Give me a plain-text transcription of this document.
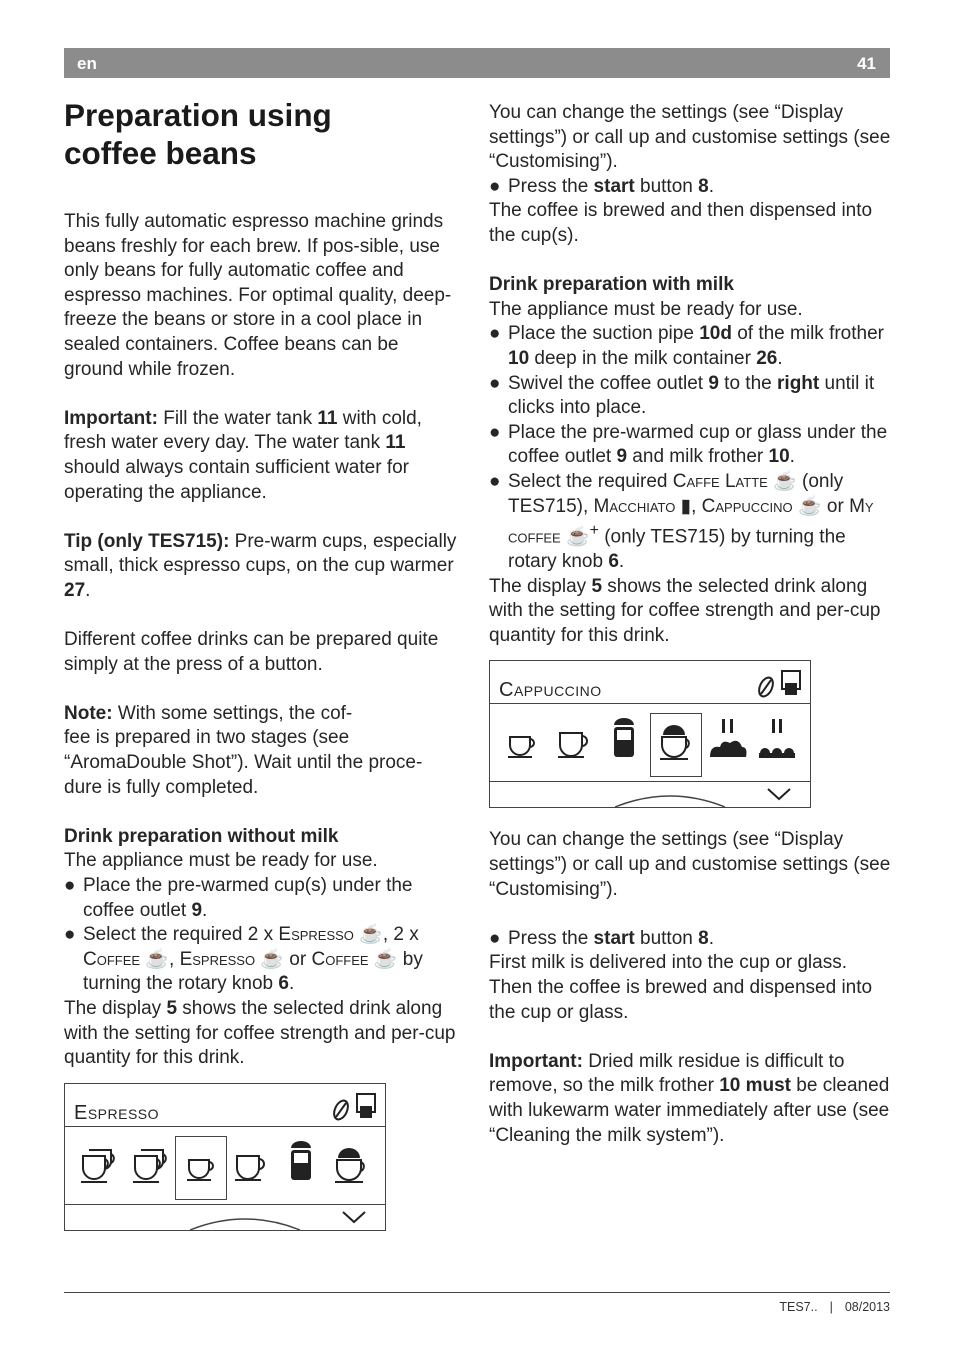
en	41
Preparation using
coffee beans

This fully automatic espresso machine grinds beans freshly for each brew. If pos-sible, use only beans for fully automatic coffee and espresso machines. For optimal quality, deep-freeze the beans or store in a cool place in sealed containers. Coffee beans can be ground while frozen.

Important: Fill the water tank 11 with cold, fresh water every day. The water tank 11 should always contain sufficient water for operating the appliance.

Tip (only TES715): Pre-warm cups, especially small, thick espresso cups, on the cup warmer 27.

Different coffee drinks can be prepared quite simply at the press of a button.

Note: With some settings, the cof-
fee is prepared in two stages (see “AromaDouble Shot”). Wait until the proce-dure is fully completed.

Drink preparation without milk

The appliance must be ready for use.

● Place the pre-warmed cup(s) under the coffee outlet 9.
● Select the required 2 x Espresso ☕, 2 x Coffee ☕, Espresso ☕ or Coffee ☕ by turning the rotary knob 6.

The display 5 shows the selected drink along with the setting for coffee strength and per-cup quantity for this drink.

Espresso

You can change the settings (see “Display settings”) or call up and customise settings (see “Customising”).

● Press the start button 8.

The coffee is brewed and then dispensed into the cup(s).

Drink preparation with milk

The appliance must be ready for use.

● Place the suction pipe 10d of the milk frother 10 deep in the milk container 26.
● Swivel the coffee outlet 9 to the right until it clicks into place.
● Place the pre-warmed cup or glass under the coffee outlet 9 and milk frother 10.
● Select the required Caffe Latte ☕ (only TES715), Macchiato ▮, Cappuccino ☕ or My coffee ☕+ (only TES715) by turning the rotary knob 6.

The display 5 shows the selected drink along with the setting for coffee strength and per-cup quantity for this drink.

Cappuccino

You can change the settings (see “Display settings”) or call up and customise settings (see “Customising”).

● Press the start button 8.

First milk is delivered into the cup or glass. Then the coffee is brewed and dispensed into the cup or glass.

Important: Dried milk residue is difficult to remove, so the milk frother 10 must be cleaned with lukewarm water immediately after use (see “Cleaning the milk system”).

TES7.. | 08/2013
